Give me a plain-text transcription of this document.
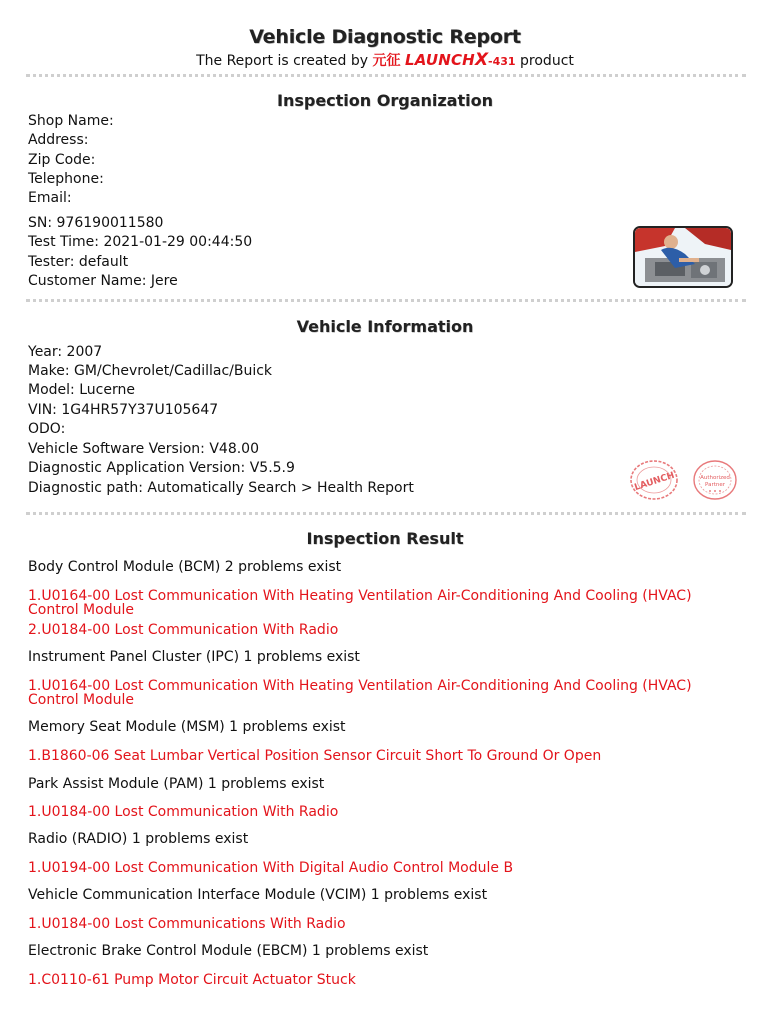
Vehicle Diagnostic Report
The Report is created by 元征 LAUNCHX-431 product
Inspection Organization
Shop Name:
Address:
Zip Code:
Telephone:
Email:
SN: 976190011580
Test Time: 2021-01-29 00:44:50
Tester: default
Customer Name: Jere
Vehicle Information
Year: 2007
Make: GM/Chevrolet/Cadillac/Buick
Model: Lucerne
VIN: 1G4HR57Y37U105647
ODO:
Vehicle Software Version: V48.00
Diagnostic Application Version: V5.5.9
Diagnostic path: Automatically Search > Health Report	LAUNCH	Authorized
Partner
Inspection Result
Body Control Module (BCM) 2 problems exist
1.U0164-00 Lost Communication With Heating Ventilation Air-Conditioning And Cooling (HVAC) Control Module
2.U0184-00 Lost Communication With Radio
Instrument Panel Cluster (IPC) 1 problems exist
1.U0164-00 Lost Communication With Heating Ventilation Air-Conditioning And Cooling (HVAC) Control Module
Memory Seat Module (MSM) 1 problems exist
1.B1860-06 Seat Lumbar Vertical Position Sensor Circuit Short To Ground Or Open
Park Assist Module (PAM) 1 problems exist
1.U0184-00 Lost Communication With Radio
Radio (RADIO) 1 problems exist
1.U0194-00 Lost Communication With Digital Audio Control Module B
Vehicle Communication Interface Module (VCIM) 1 problems exist
1.U0184-00 Lost Communications With Radio
Electronic Brake Control Module (EBCM) 1 problems exist
1.C0110-61 Pump Motor Circuit Actuator Stuck
